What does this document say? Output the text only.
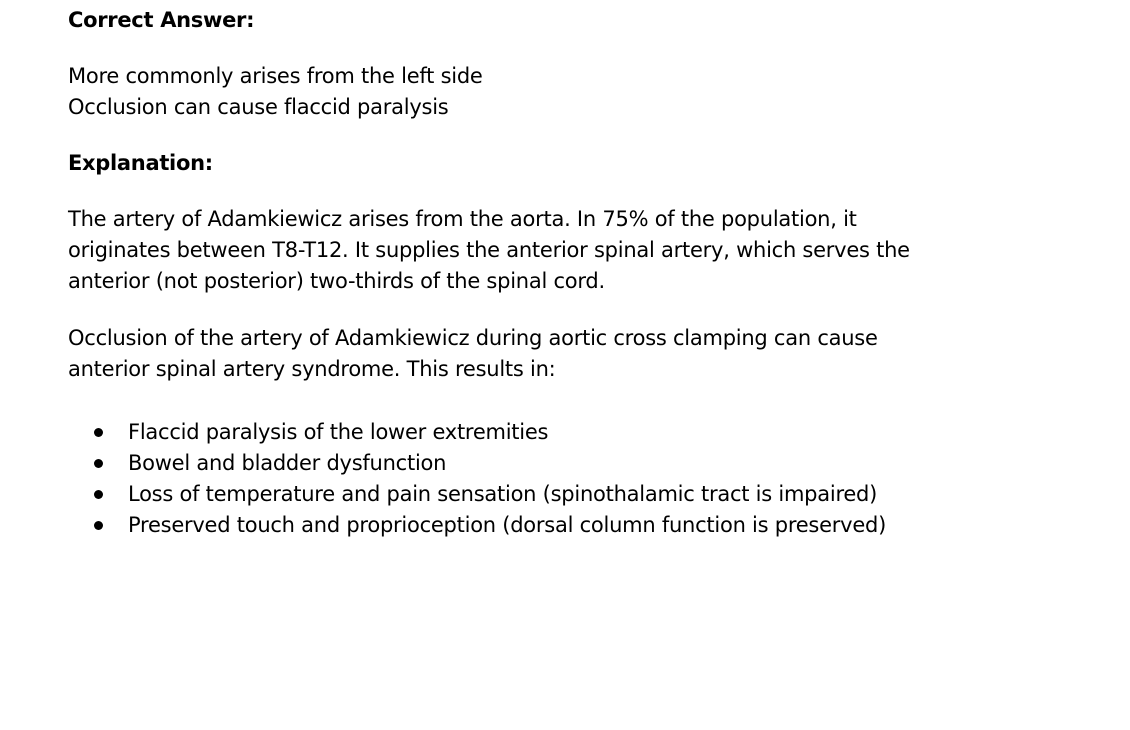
Correct Answer:

More commonly arises from the left side
Occlusion can cause flaccid paralysis

Explanation:

The artery of Adamkiewicz arises from the aorta. In 75% of the population, it
originates between T8-T12. It supplies the anterior spinal artery, which serves the
anterior (not posterior) two-thirds of the spinal cord.

Occlusion of the artery of Adamkiewicz during aortic cross clamping can cause
anterior spinal artery syndrome. This results in:

Flaccid paralysis of the lower extremities
Bowel and bladder dysfunction
Loss of temperature and pain sensation (spinothalamic tract is impaired)
Preserved touch and proprioception (dorsal column function is preserved)
